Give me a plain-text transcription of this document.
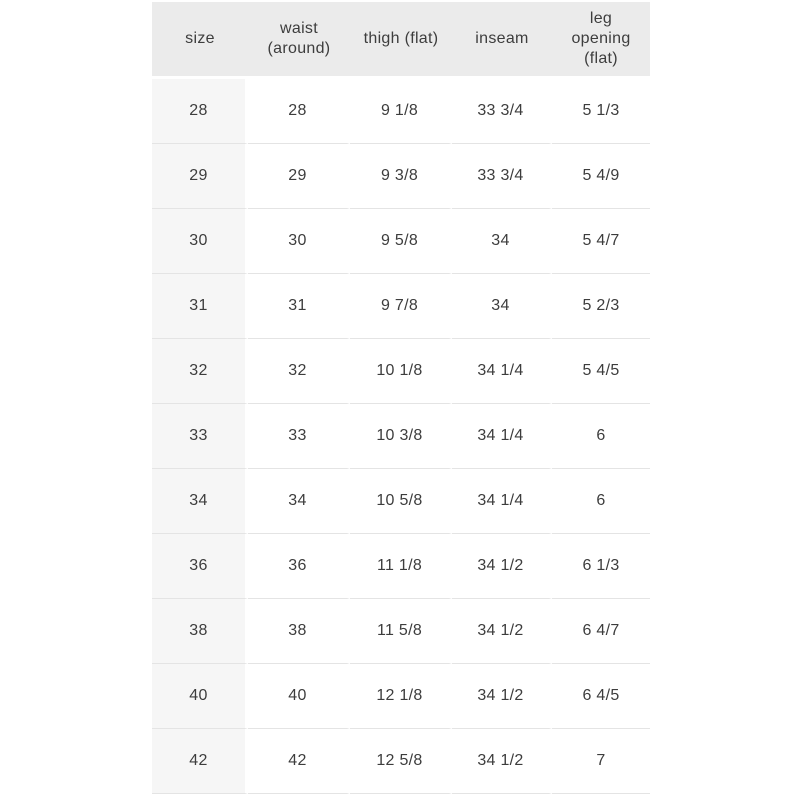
size	waist (around)	thigh (flat)	inseam	leg opening (flat)
28	28	9 1/8	33 3/4	5 1/3
29	29	9 3/8	33 3/4	5 4/9
30	30	9 5/8	34	5 4/7
31	31	9 7/8	34	5 2/3
32	32	10 1/8	34 1/4	5 4/5
33	33	10 3/8	34 1/4	6
34	34	10 5/8	34 1/4	6
36	36	11 1/8	34 1/2	6 1/3
38	38	11 5/8	34 1/2	6 4/7
40	40	12 1/8	34 1/2	6 4/5
42	42	12 5/8	34 1/2	7
